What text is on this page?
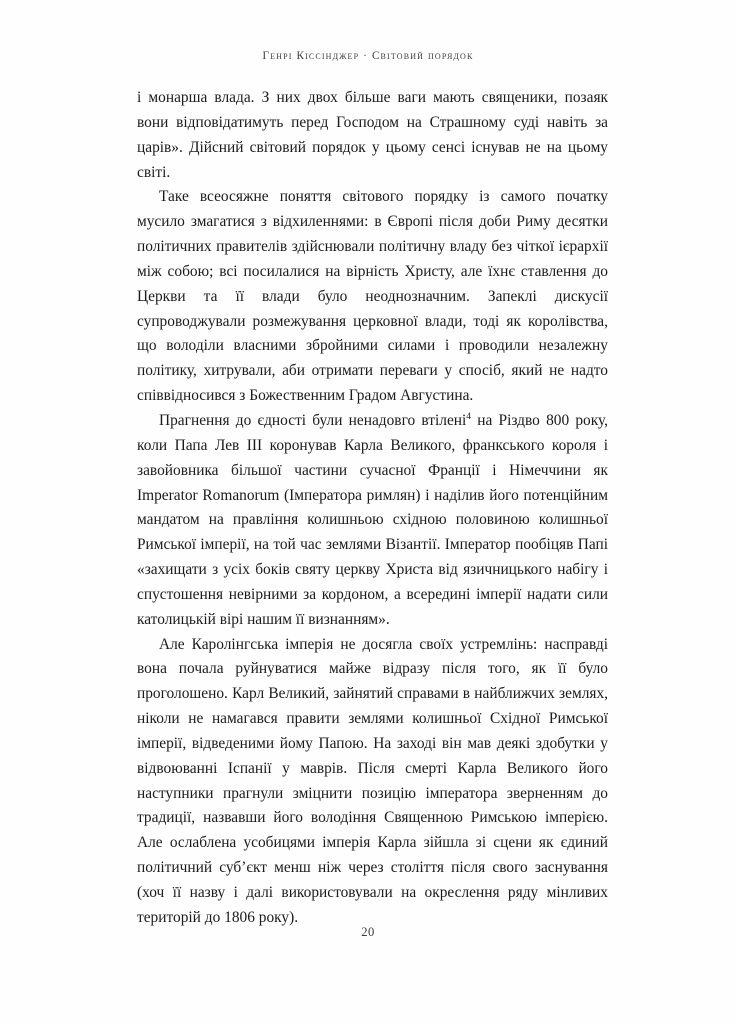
Генрі Кіссінджер · Світовий порядок

і монарша влада. З них двох більше ваги мають священики, позаяк вони відповідатимуть перед Господом на Страшному суді навіть за царів». Дійсний світовий порядок у цьому сенсі існував не на цьому світі.

Таке всеосяжне поняття світового порядку із самого початку мусило змагатися з відхиленнями: в Європі після доби Риму десятки політичних правителів здійснювали політичну владу без чіткої ієрархії між собою; всі посилалися на вірність Христу, але їхнє ставлення до Церкви та її влади було неоднозначним. Запеклі дискусії супроводжували розмежування церковної влади, тоді як королівства, що володіли власними збройними силами і проводили незалежну політику, хитрували, аби отримати переваги у спосіб, який не надто співвідносився з Божественним Градом Августина.

Прагнення до єдності були ненадовго втілені$^4$ на Різдво 800 року, коли Папа Лев III коронував Карла Великого, франкського короля і завойовника більшої частини сучасної Франції і Німеччини як Imperator Romanorum (Імператора римлян) і наділив його потенційним мандатом на правління колишньою східною половиною колишньої Римської імперії, на той час землями Візантії. Імператор пообіцяв Папі «захищати з усіх боків святу церкву Христа від язичницького набігу і спустошення невірними за кордоном, а всередині імперії надати сили католицькій вірі нашим її визнанням».

Але Каролінгська імперія не досягла своїх устремлінь: насправді вона почала руйнуватися майже відразу після того, як її було проголошено. Карл Великий, зайнятий справами в найближчих землях, ніколи не намагався правити землями колишньої Східної Римської імперії, відведеними йому Папою. На заході він мав деякі здобутки у відвоюванні Іспанії у маврів. Після смерті Карла Великого його наступники прагнули зміцнити позицію імператора зверненням до традиції, назвавши його володіння Священною Римською імперією. Але ослаблена усобицями імперія Карла зійшла зі сцени як єдиний політичний суб’єкт менш ніж через століття після свого заснування (хоч її назву і далі використовували на окреслення ряду мінливих територій до 1806 року).

20
